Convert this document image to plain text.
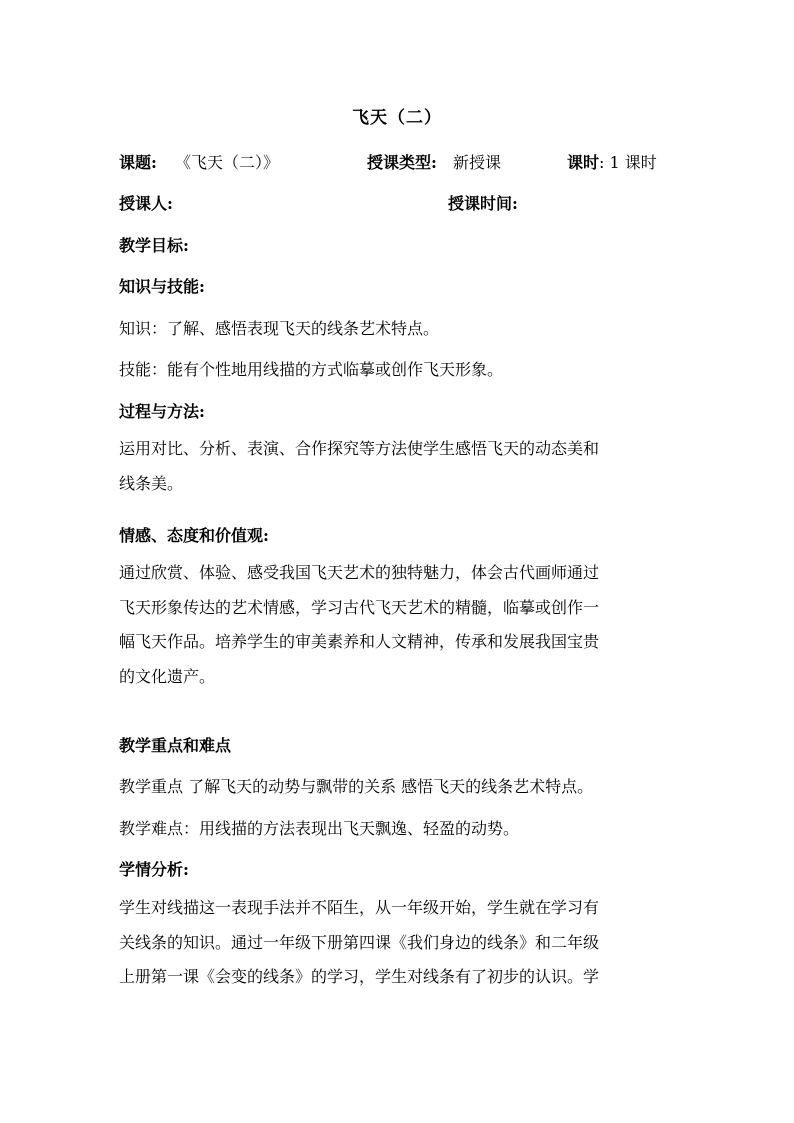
飞天（二）
课题: 《飞天（二）》	授课类型: 新授课	课时 : 1 课时
授课人:	授课时间:
教学目标:
知识与技能:
知识：了解、感悟表现飞天的线条艺术特点。
技能：能有个性地用线描的方式临摹或创作飞天形象。
过程与方法:
运用对比、分析、表演、合作探究等方法使学生感悟飞天的动态美和
线条美。
情感、态度和价值观:
通过欣赏、体验、感受我国飞天艺术的独特魅力，体会古代画师通过
飞天形象传达的艺术情感，学习古代飞天艺术的精髓，临摹或创作一
幅飞天作品。培养学生的审美素养和人文精神，传承和发展我国宝贵
的文化遗产。
教学重点和难点
教学重点 了解飞天的动势与飘带的关系 感悟飞天的线条艺术特点。
教学难点：用线描的方法表现出飞天飘逸、轻盈的动势。
学情分析:
学生对线描这一表现手法并不陌生，从一年级开始，学生就在学习有
关线条的知识。通过一年级下册第四课《我们身边的线条》和二年级
上册第一课《会变的线条》的学习，学生对线条有了初步的认识。学
